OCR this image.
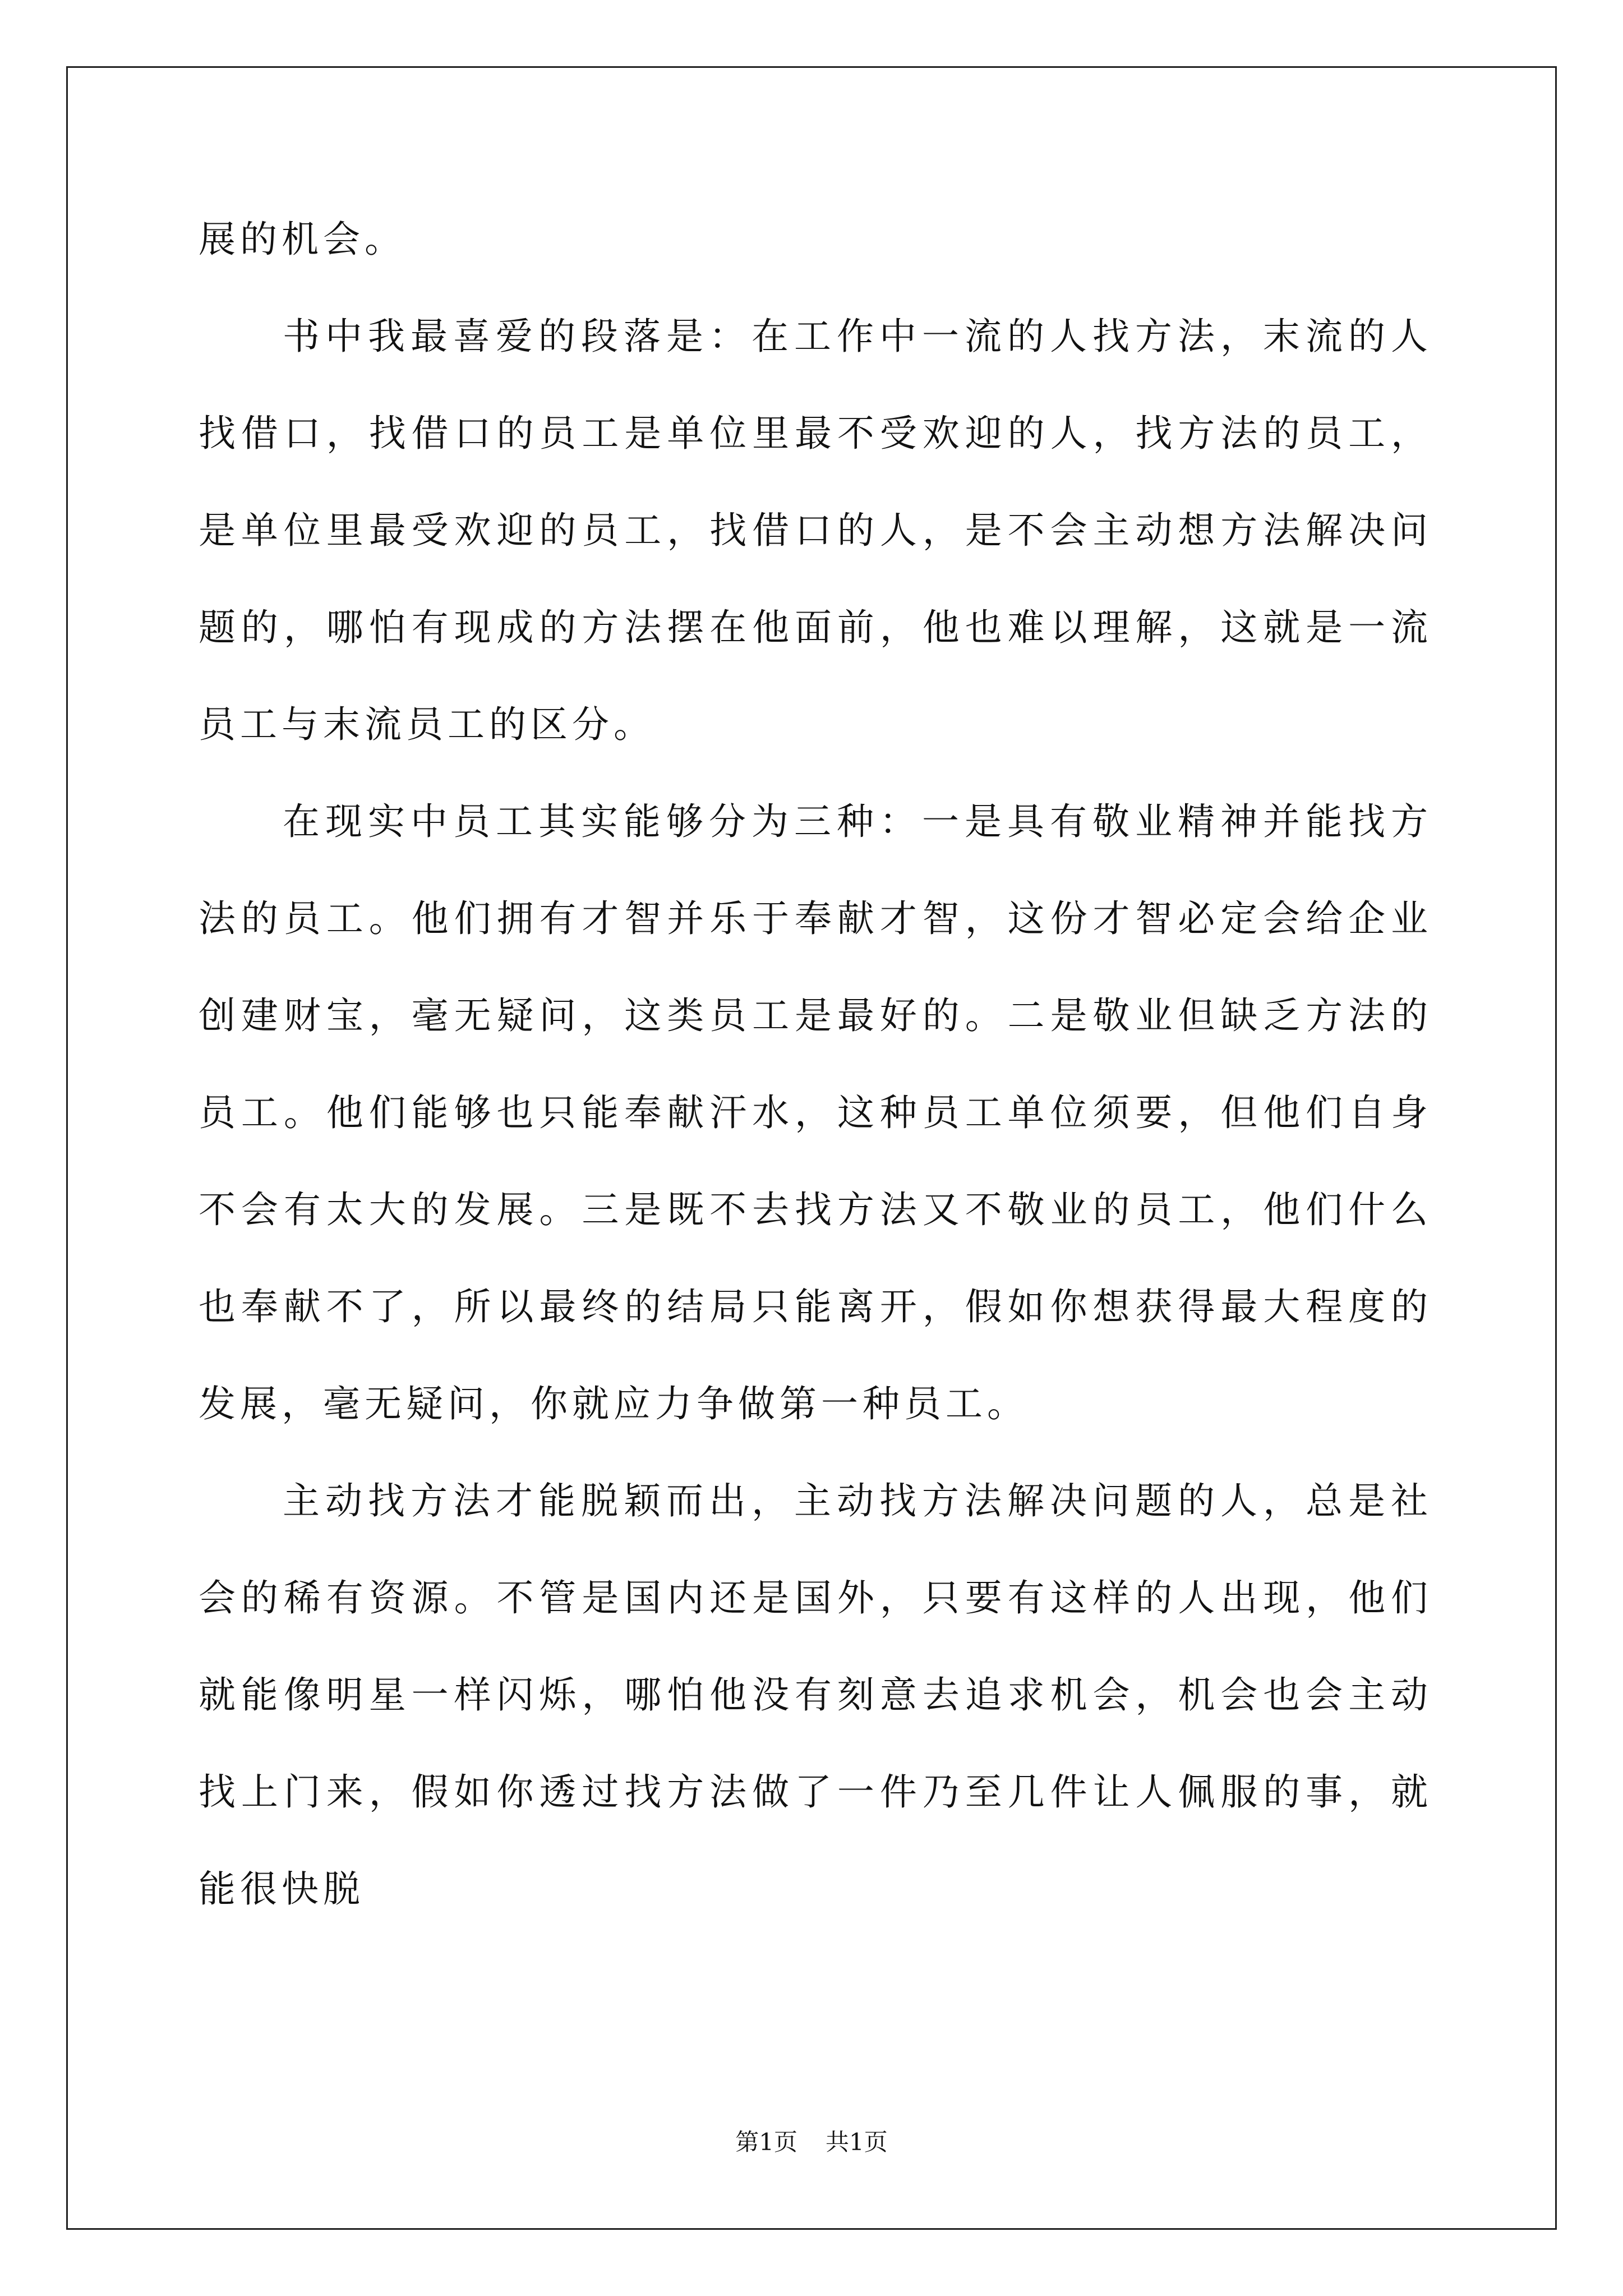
展的机会。

书中我最喜爱的段落是：在工作中一流的人找方法，末流的人找借口，找借口的员工是单位里最不受欢迎的人，找方法的员工，是单位里最受欢迎的员工，找借口的人，是不会主动想方法解决问题的，哪怕有现成的方法摆在他面前，他也难以理解，这就是一流员工与末流员工的区分。

在现实中员工其实能够分为三种：一是具有敬业精神并能找方法的员工。他们拥有才智并乐于奉献才智，这份才智必定会给企业创建财宝，毫无疑问，这类员工是最好的。二是敬业但缺乏方法的员工。他们能够也只能奉献汗水，这种员工单位须要，但他们自身不会有太大的发展。三是既不去找方法又不敬业的员工，他们什么也奉献不了，所以最终的结局只能离开，假如你想获得最大程度的发展，毫无疑问，你就应力争做第一种员工。

主动找方法才能脱颖而出，主动找方法解决问题的人，总是社会的稀有资源。不管是国内还是国外，只要有这样的人出现，他们就能像明星一样闪烁，哪怕他没有刻意去追求机会，机会也会主动找上门来，假如你透过找方法做了一件乃至几件让人佩服的事，就能很快脱

第1页 共1页
